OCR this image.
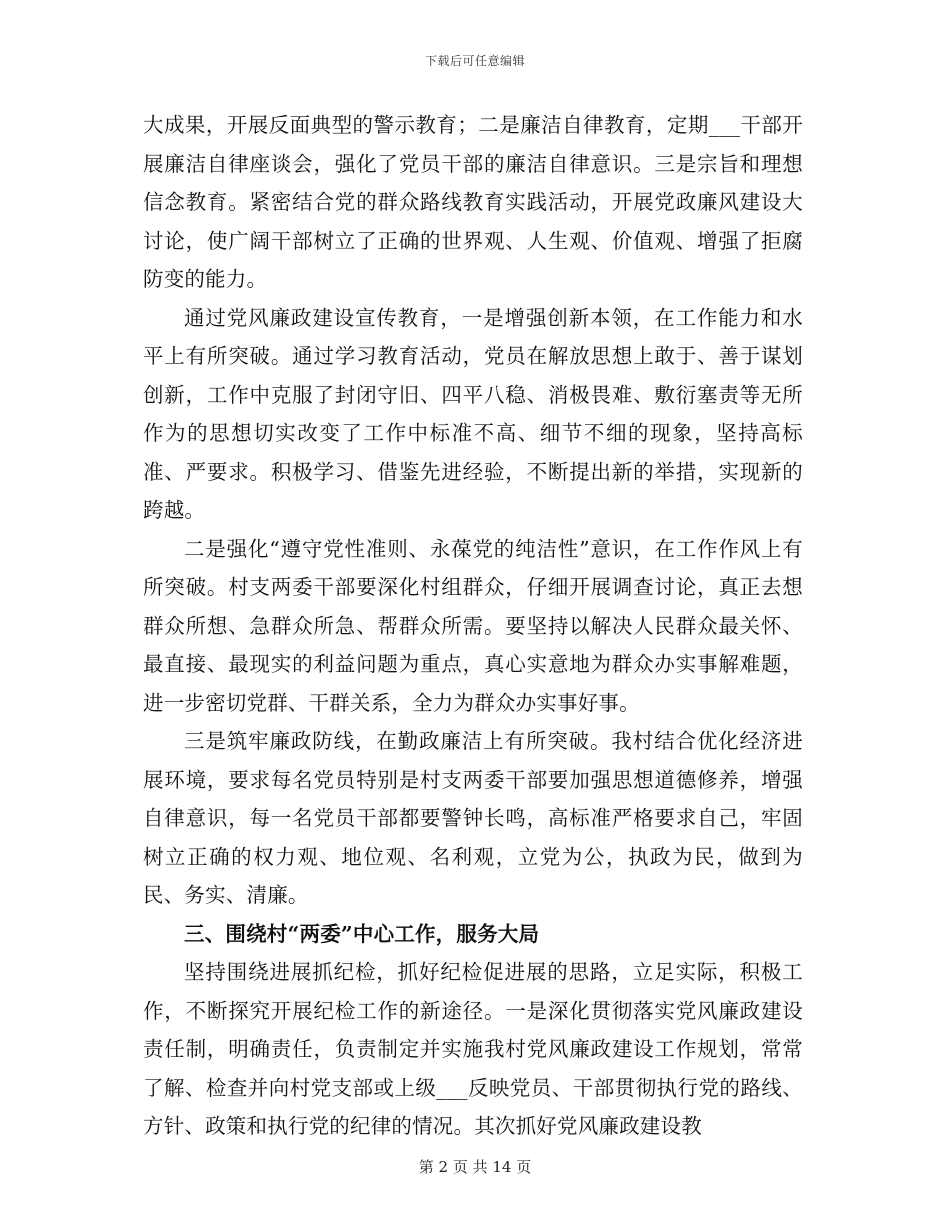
下载后可任意编辑

大成果，开展反面典型的警示教育；二是廉洁自律教育，定期___干部开展廉洁自律座谈会，强化了党员干部的廉洁自律意识。三是宗旨和理想信念教育。紧密结合党的群众路线教育实践活动，开展党政廉风建设大讨论，使广阔干部树立了正确的世界观、人生观、价值观、增强了拒腐防变的能力。

通过党风廉政建设宣传教育，一是增强创新本领，在工作能力和水平上有所突破。通过学习教育活动，党员在解放思想上敢于、善于谋划创新，工作中克服了封闭守旧、四平八稳、消极畏难、敷衍塞责等无所作为的思想切实改变了工作中标准不高、细节不细的现象，坚持高标准、严要求。积极学习、借鉴先进经验，不断提出新的举措，实现新的跨越。

二是强化“遵守党性准则、永葆党的纯洁性”意识，在工作作风上有所突破。村支两委干部要深化村组群众，仔细开展调查讨论，真正去想群众所想、急群众所急、帮群众所需。要坚持以解决人民群众最关怀、最直接、最现实的利益问题为重点，真心实意地为群众办实事解难题，进一步密切党群、干群关系，全力为群众办实事好事。

三是筑牢廉政防线，在勤政廉洁上有所突破。我村结合优化经济进展环境，要求每名党员特别是村支两委干部要加强思想道德修养，增强自律意识，每一名党员干部都要警钟长鸣，高标准严格要求自己，牢固树立正确的权力观、地位观、名利观，立党为公，执政为民，做到为民、务实、清廉。

三、围绕村“两委”中心工作，服务大局

坚持围绕进展抓纪检，抓好纪检促进展的思路，立足实际，积极工作，不断探究开展纪检工作的新途径。一是深化贯彻落实党风廉政建设责任制，明确责任，负责制定并实施我村党风廉政建设工作规划，常常了解、检查并向村党支部或上级___反映党员、干部贯彻执行党的路线、方针、政策和执行党的纪律的情况。其次抓好党风廉政建设教

第 2 页 共 14 页
